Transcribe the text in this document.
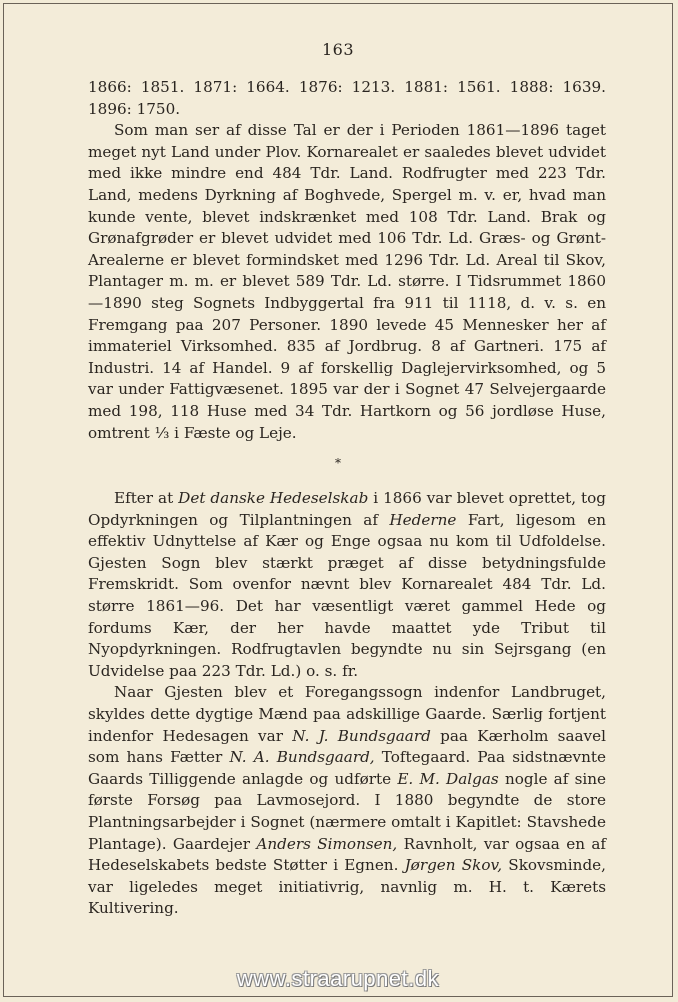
163

1866: 1851. 1871: 1664. 1876: 1213. 1881: 1561. 1888: 1639. 1896: 1750.

Som man ser af disse Tal er der i Perioden 1861—1896 taget meget nyt Land under Plov. Kornarealet er saaledes blevet udvidet med ikke mindre end 484 Tdr. Land. Rodfrugter med 223 Tdr. Land, medens Dyrkning af Boghvede, Spergel m. v. er, hvad man kunde vente, blevet indskrænket med 108 Tdr. Land. Brak og Grønafgrøder er blevet udvidet med 106 Tdr. Ld. Græs- og Grønt-Arealerne er blevet formindsket med 1296 Tdr. Ld. Areal til Skov, Plantager m. m. er blevet 589 Tdr. Ld. større. I Tidsrummet 1860—1890 steg Sognets Indbyggertal fra 911 til 1118, d. v. s. en Fremgang paa 207 Personer. 1890 levede 45 Mennesker her af immateriel Virksomhed. 835 af Jordbrug. 8 af Gartneri. 175 af Industri. 14 af Handel. 9 af forskellig Daglejervirksomhed, og 5 var under Fattigvæsenet. 1895 var der i Sognet 47 Selvejergaarde med 198, 118 Huse med 34 Tdr. Hartkorn og 56 jordløse Huse, omtrent ⅓ i Fæste og Leje.

*

Efter at Det danske Hedeselskab i 1866 var blevet oprettet, tog Opdyrkningen og Tilplantningen af Hederne Fart, ligesom en effektiv Udnyttelse af Kær og Enge ogsaa nu kom til Udfoldelse. Gjesten Sogn blev stærkt præget af disse betydningsfulde Fremskridt. Som ovenfor nævnt blev Kornarealet 484 Tdr. Ld. større 1861—96. Det har væsentligt været gammel Hede og fordums Kær, der her havde maattet yde Tribut til Nyopdyrkningen. Rodfrugtavlen begyndte nu sin Sejrsgang (en Udvidelse paa 223 Tdr. Ld.) o. s. fr.

Naar Gjesten blev et Foregangssogn indenfor Landbruget, skyldes dette dygtige Mænd paa adskillige Gaarde. Særlig fortjent indenfor Hedesagen var N. J. Bundsgaard paa Kærholm saavel som hans Fætter N. A. Bundsgaard, Toftegaard. Paa sidstnævnte Gaards Tilliggende anlagde og udførte E. M. Dalgas nogle af sine første Forsøg paa Lavmosejord. I 1880 begyndte de store Plantningsarbejder i Sognet (nærmere omtalt i Kapitlet: Stavshede Plantage). Gaardejer Anders Simonsen, Ravnholt, var ogsaa en af Hedeselskabets bedste Støtter i Egnen. Jørgen Skov, Skovsminde, var ligeledes meget initiativrig, navnlig m. H. t. Kærets Kultivering.

www.straarupnet.dk
